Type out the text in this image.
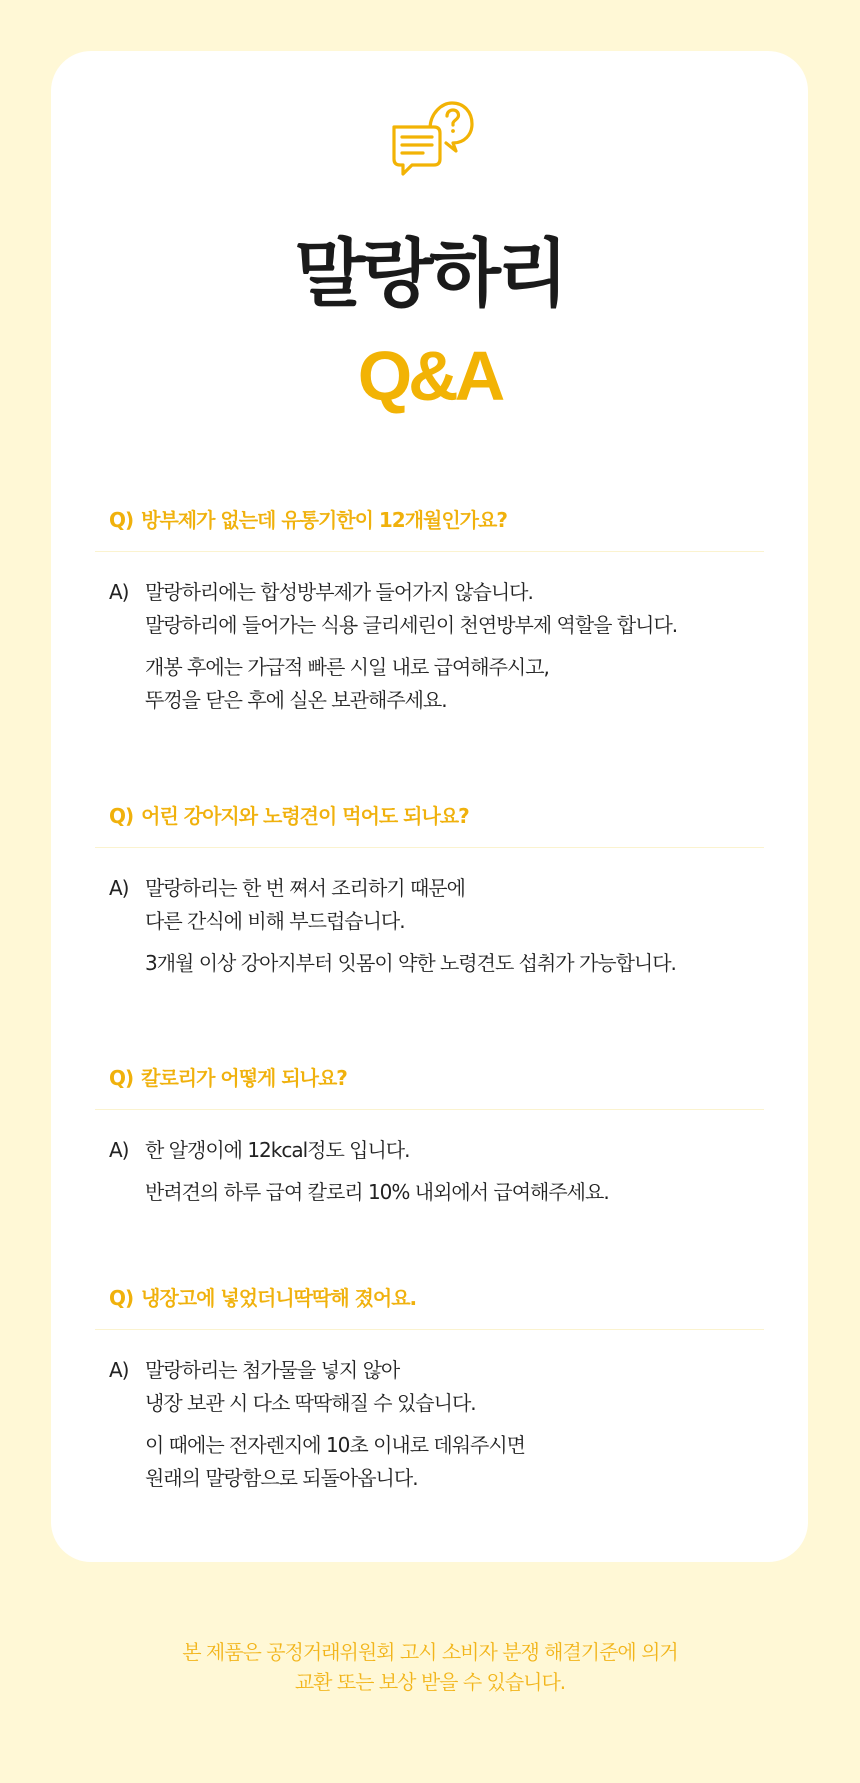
말랑하리
Q&A
Q) 방부제가 없는데 유통기한이 12개월인가요?
A) 말랑하리에는 합성방부제가 들어가지 않습니다.
말랑하리에 들어가는 식용 글리세린이 천연방부제 역할을 합니다.
개봉 후에는 가급적 빠른 시일 내로 급여해주시고,
뚜껑을 닫은 후에 실온 보관해주세요.
Q) 어린 강아지와 노령견이 먹어도 되나요?
A) 말랑하리는 한 번 쪄서 조리하기 때문에
다른 간식에 비해 부드럽습니다.
3개월 이상 강아지부터 잇몸이 약한 노령견도 섭취가 가능합니다.
Q) 칼로리가 어떻게 되나요?
A) 한 알갱이에 12kcal정도 입니다.
반려견의 하루 급여 칼로리 10% 내외에서 급여해주세요.
Q) 냉장고에 넣었더니딱딱해 졌어요.
A) 말랑하리는 첨가물을 넣지 않아
냉장 보관 시 다소 딱딱해질 수 있습니다.
이 때에는 전자렌지에 10초 이내로 데워주시면
원래의 말랑함으로 되돌아옵니다.
본 제품은 공정거래위원회 고시 소비자 분쟁 해결기준에 의거
교환 또는 보상 받을 수 있습니다.
